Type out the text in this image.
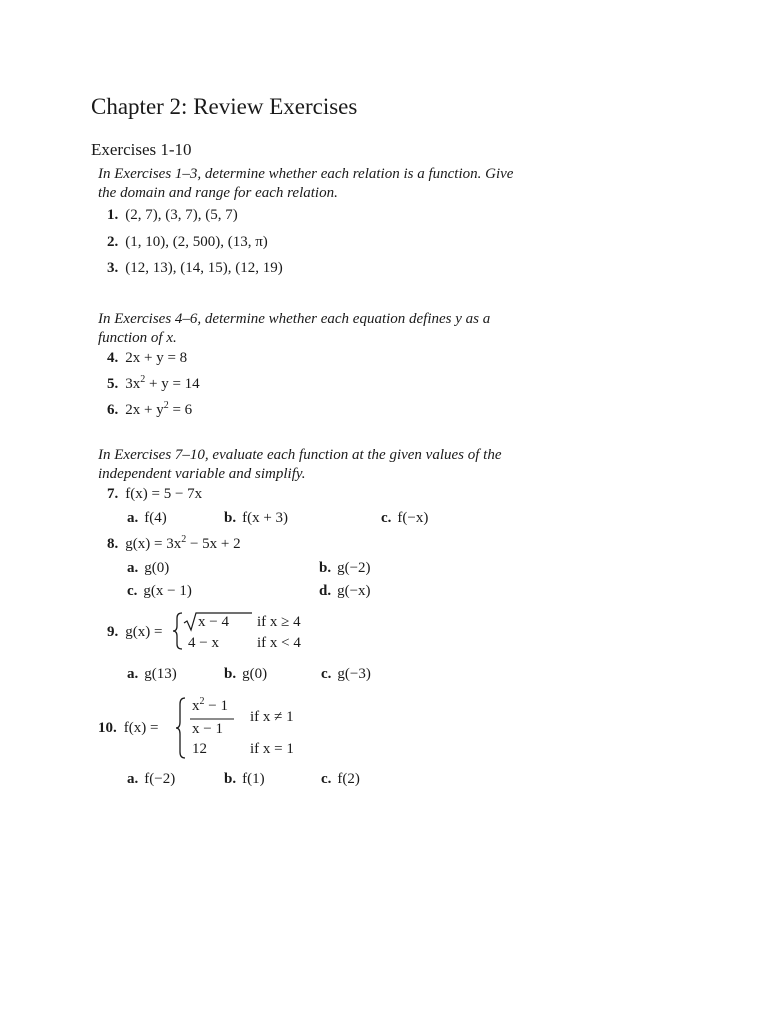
Chapter 2: Review Exercises
Exercises 1-10
In Exercises 1–3, determine whether each relation is a function. Give the domain and range for each relation.
1. (2, 7), (3, 7), (5, 7)
2. (1, 10), (2, 500), (13, π)
3. (12, 13), (14, 15), (12, 19)
In Exercises 4–6, determine whether each equation defines y as a function of x.
4. 2x + y = 8
5. $3x^2 + y = 14$
6. $2x + y^2 = 6$
In Exercises 7–10, evaluate each function at the given values of the independent variable and simplify.
7. f(x) = 5 − 7x
a. f(4)	b. f(x + 3)	c. f(−x)
8. $g(x) = 3x^2 - 5x + 2$
a. g(0)	b. g(−2)
c. g(x − 1)	d. g(−x)
9. g(x) =
x − 4 if x ≥ 4
4 − x	if x < 4
a. g(13)	b. g(0)	c. g(−3)
10. f(x) =
$x^2 - 1$
x − 1
if x ≠ 1
12	if x = 1
a. f(−2)	b. f(1)	c. f(2)
